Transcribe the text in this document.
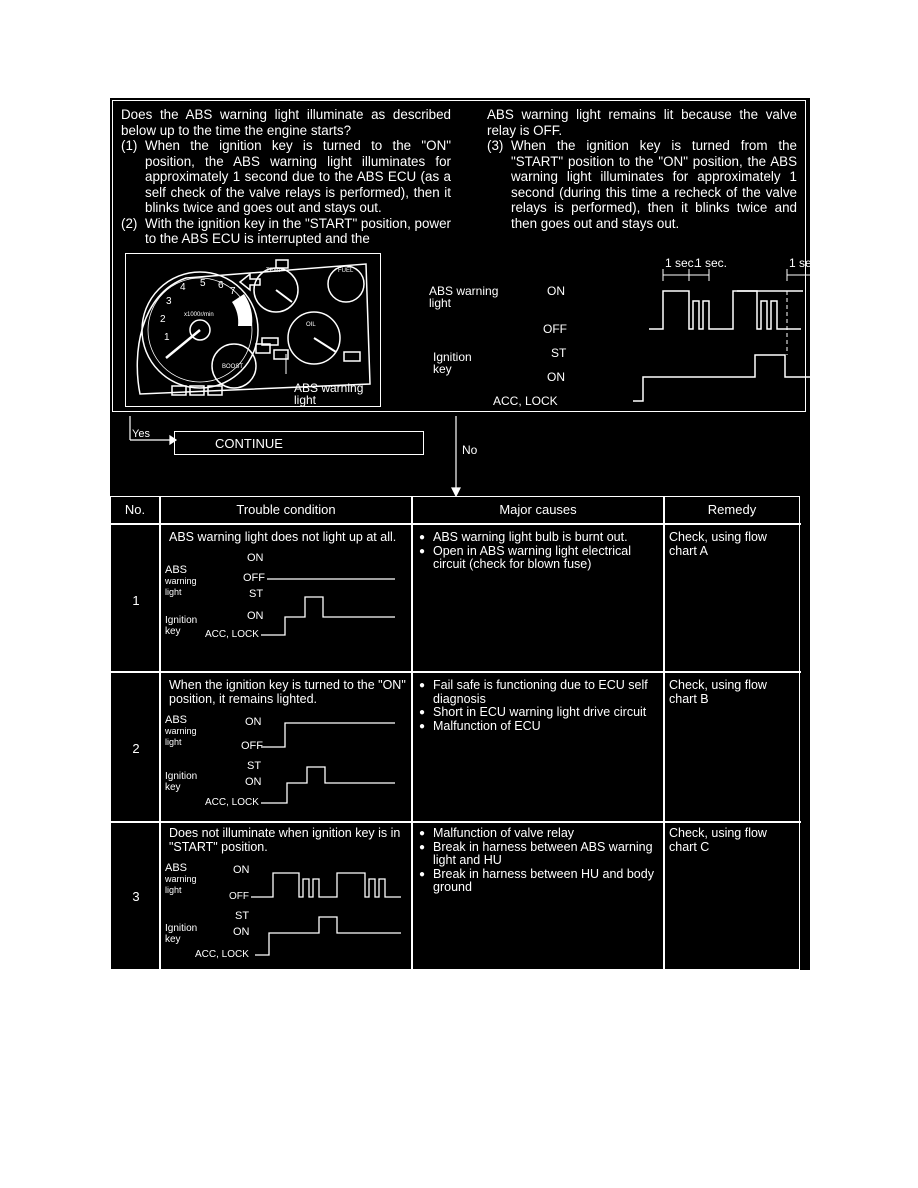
Does the ABS warning light illuminate as described below up to the time the engine starts?

(1) When the ignition key is turned to the "ON" position, the ABS warning light illuminates for approximately 1 second due to the ABS ECU (as a self check of the valve relays is performed), then it blinks twice and goes out and stays out.
(2) With the ignition key in the "START" position, power to the ABS ECU is interrupted and the

ABS warning light remains lit because the valve relay is OFF.

(3) When the ignition key is turned from the "START" position to the "ON" position, the ABS warning light illuminates for approximately 1 second (during this time a recheck of the valve relays is performed), then it blinks twice and then goes out and stays out.
1
2
3
4 5 6
7
8
9
x1000r/min
BOOST
TEMP	FUEL
OIL
ABS warning
light
1 sec.
1 sec.	1 sec.
1 sec.
ABS warning
light
ON
OFF
Ignition
key
ST
ON
ACC, LOCK
Yes
No
CONTINUE
No.	Trouble condition	Major causes	Remedy
1
ABS warning light does not light up at all.
ABS
warning
light
ON
OFF
ST
Ignition
key
ON
ACC, LOCK
● ABS warning light bulb is burnt out.
● Open in ABS warning light electrical circuit (check for blown fuse)
Check, using flow chart A
2
When the ignition key is turned to the "ON" position, it remains lighted.
ABS
warning
light
ON
OFF
ST
Ignition
key	ON
ACC, LOCK
● Fail safe is functioning due to ECU self diagnosis
● Short in ECU warning light drive circuit
● Malfunction of ECU
Check, using flow chart B
3
Does not illuminate when ignition key is in "START" position.
ABS
warning
light
ON
OFF
ST
Ignition
key
ON
ACC, LOCK
● Malfunction of valve relay
● Break in harness between ABS warning light and HU
● Break in harness between HU and body ground
Check, using flow chart C
